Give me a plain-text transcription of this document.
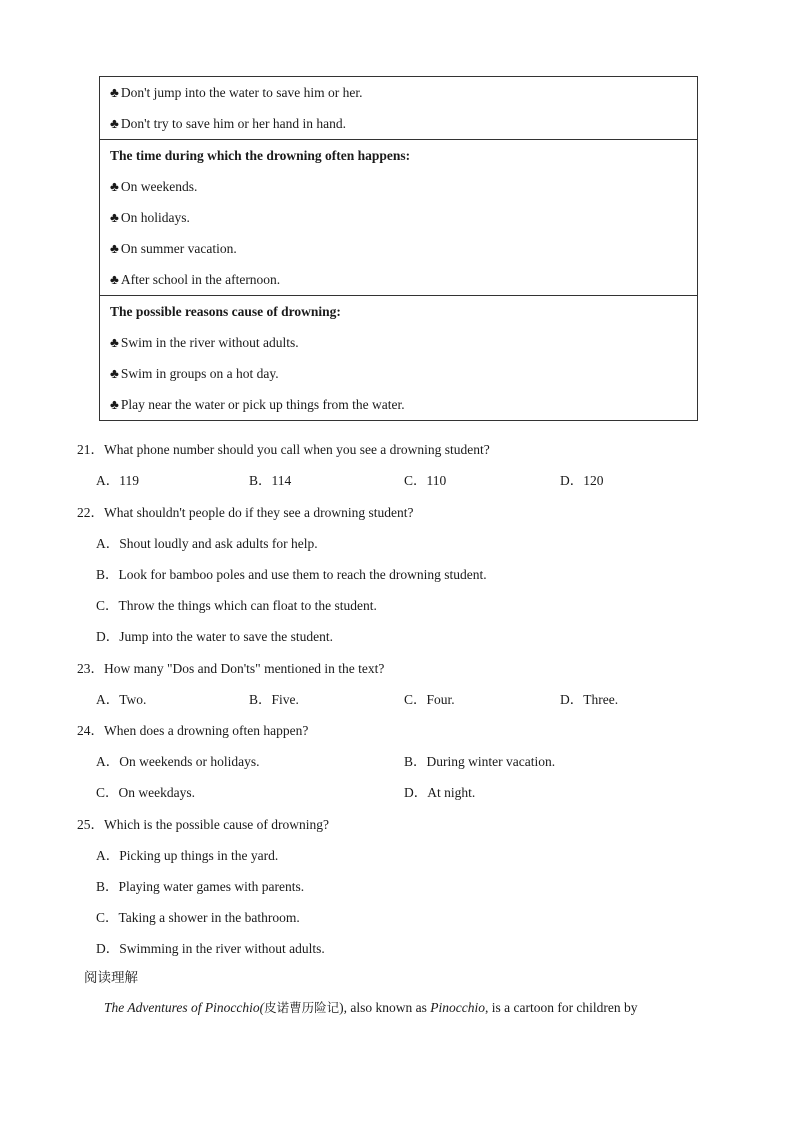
♣ Don't jump into the water to save him or her.
♣ Don't try to save him or her hand in hand.
The time during which the drowning often happens:
♣ On weekends.
♣ On holidays.
♣ On summer vacation.
♣ After school in the afternoon.
The possible reasons cause of drowning:
♣ Swim in the river without adults.
♣ Swim in groups on a hot day.
♣ Play near the water or pick up things from the water.
21．What phone number should you call when you see a drowning student?
A．119	B．114	C．110	D．120
22．What shouldn't people do if they see a drowning student?
A．Shout loudly and ask adults for help.
B．Look for bamboo poles and use them to reach the drowning student.
C．Throw the things which can float to the student.
D．Jump into the water to save the student.
23．How many "Dos and Don'ts" mentioned in the text?
A．Two.	B．Five.	C．Four.	D．Three.
24．When does a drowning often happen?
A．On weekends or holidays.	B．During winter vacation.
C．On weekdays.	D．At night.
25．Which is the possible cause of drowning?
A．Picking up things in the yard.
B．Playing water games with parents.
C．Taking a shower in the bathroom.
D．Swimming in the river without adults.
阅读理解
The Adventures of Pinocchio(皮诺曹历险记), also known as Pinocchio, is a cartoon for children by
